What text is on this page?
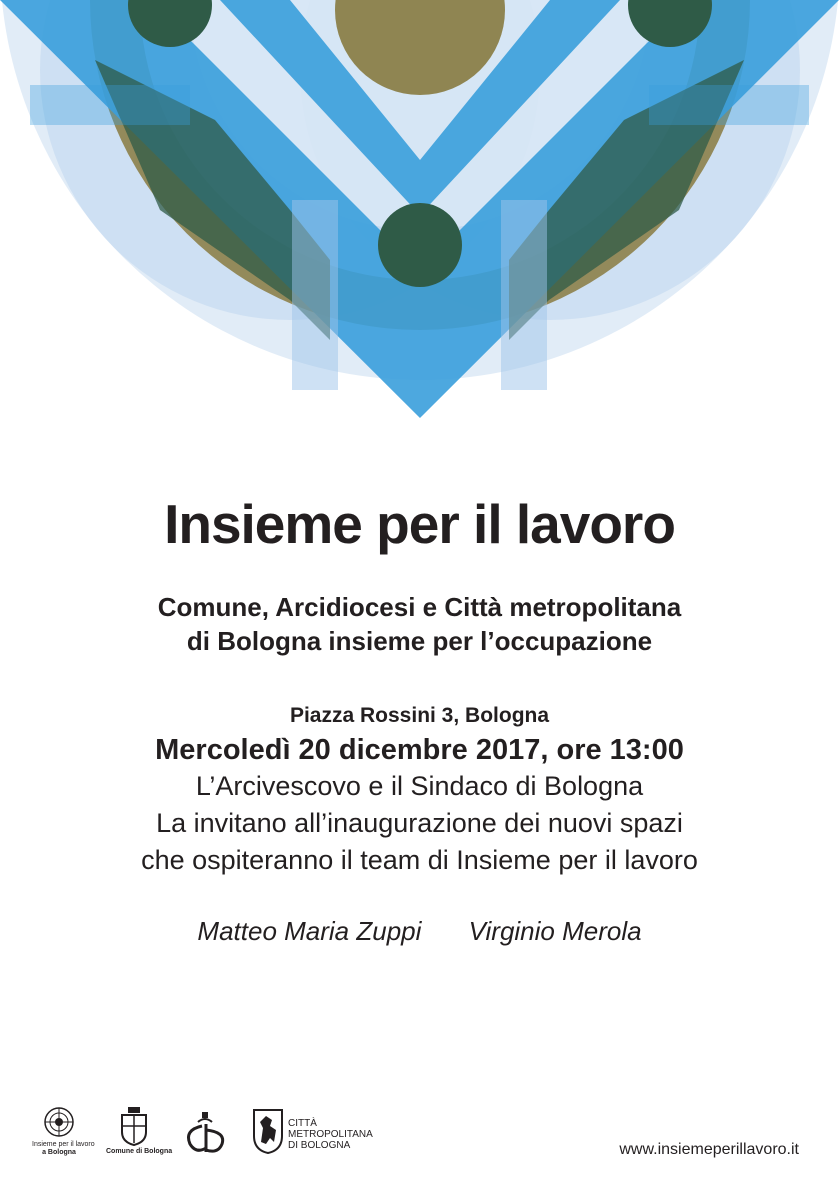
Insieme per il lavoro
Comune, Arcidiocesi e Città metropolitana
di Bologna insieme per l’occupazione
Piazza Rossini 3, Bologna
Mercoledì 20 dicembre 2017, ore 13:00
L’Arcivescovo e il Sindaco di Bologna
La invitano all’inaugurazione dei nuovi spazi
che ospiteranno il team di Insieme per il lavoro
Matteo Maria Zuppi Virginio Merola
Insieme per il lavoro
a Bologna	Comune di Bologna
CITTÀ
METROPOLITANA
DI BOLOGNA	www.insiemeperillavoro.it
